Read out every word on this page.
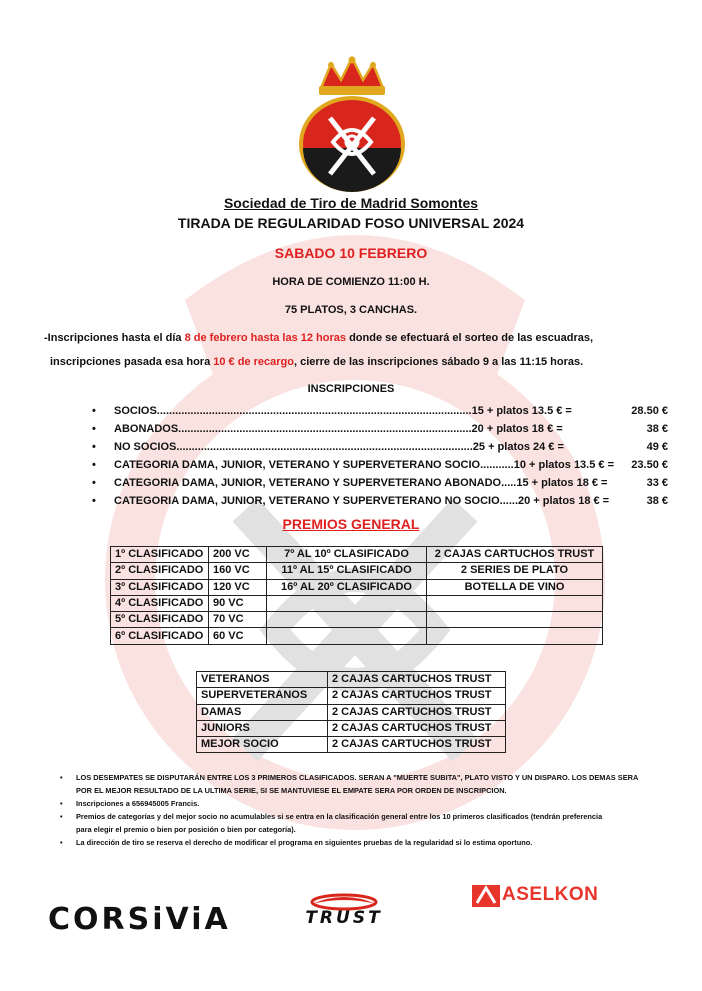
Sociedad de Tiro de Madrid Somontes
TIRADA DE REGULARIDAD FOSO UNIVERSAL 2024
SABADO 10 FEBRERO
HORA DE COMIENZO 11:00 H.
75 PLATOS, 3 CANCHAS.
-Inscripciones hasta el día 8 de febrero hasta las 12 horas donde se efectuará el sorteo de las escuadras,
inscripciones pasada esa hora 10 € de recargo, cierre de las inscripciones sábado 9 a las 11:15 horas.
INSCRIPCIONES
• SOCIOS.......................................................................................................15 + platos 13.5 € =	28.50 €
• ABONADOS................................................................................................20 + platos 18 € =	38 €
• NO SOCIOS.................................................................................................25 + platos 24 € =	49 €
• CATEGORIA DAMA, JUNIOR, VETERANO Y SUPERVETERANO SOCIO...........10 + platos 13.5 € =	23.50 €
• CATEGORIA DAMA, JUNIOR, VETERANO Y SUPERVETERANO ABONADO.....15 + platos 18 € =	33 €
• CATEGORIA DAMA, JUNIOR, VETERANO Y SUPERVETERANO NO SOCIO......20 + platos 18 € =	38 €
PREMIOS GENERAL
1º CLASIFICADO	200 VC	7º AL 10º CLASIFICADO	2 CAJAS CARTUCHOS TRUST
2º CLASIFICADO	160 VC	11º AL 15º CLASIFICADO	2 SERIES DE PLATO
3º CLASIFICADO	120 VC	16º AL 20º CLASIFICADO	BOTELLA DE VINO
4º CLASIFICADO	90 VC		
5º CLASIFICADO	70 VC		
6º CLASIFICADO	60 VC		
VETERANOS	2 CAJAS CARTUCHOS TRUST
SUPERVETERANOS	2 CAJAS CARTUCHOS TRUST
DAMAS	2 CAJAS CARTUCHOS TRUST
JUNIORS	2 CAJAS CARTUCHOS TRUST
MEJOR SOCIO	2 CAJAS CARTUCHOS TRUST
• LOS DESEMPATES SE DISPUTARÁN ENTRE LOS 3 PRIMEROS CLASIFICADOS. SERAN A "MUERTE SUBITA", PLATO VISTO Y UN DISPARO. LOS DEMAS SERA
POR EL MEJOR RESULTADO DE LA ULTIMA SERIE, SI SE MANTUVIESE EL EMPATE SERA POR ORDEN DE INSCRIPCION.
• Inscripciones a 656945005 Francis.
• Premios de categorías y del mejor socio no acumulables si se entra en la clasificación general entre los 10 primeros clasificados (tendrán preferencia
para elegir el premio o bien por posición o bien por categoría).
• La dirección de tiro se reserva el derecho de modificar el programa en siguientes pruebas de la regularidad si lo estima oportuno.
CORSiViA	TRUST
ASELKON
